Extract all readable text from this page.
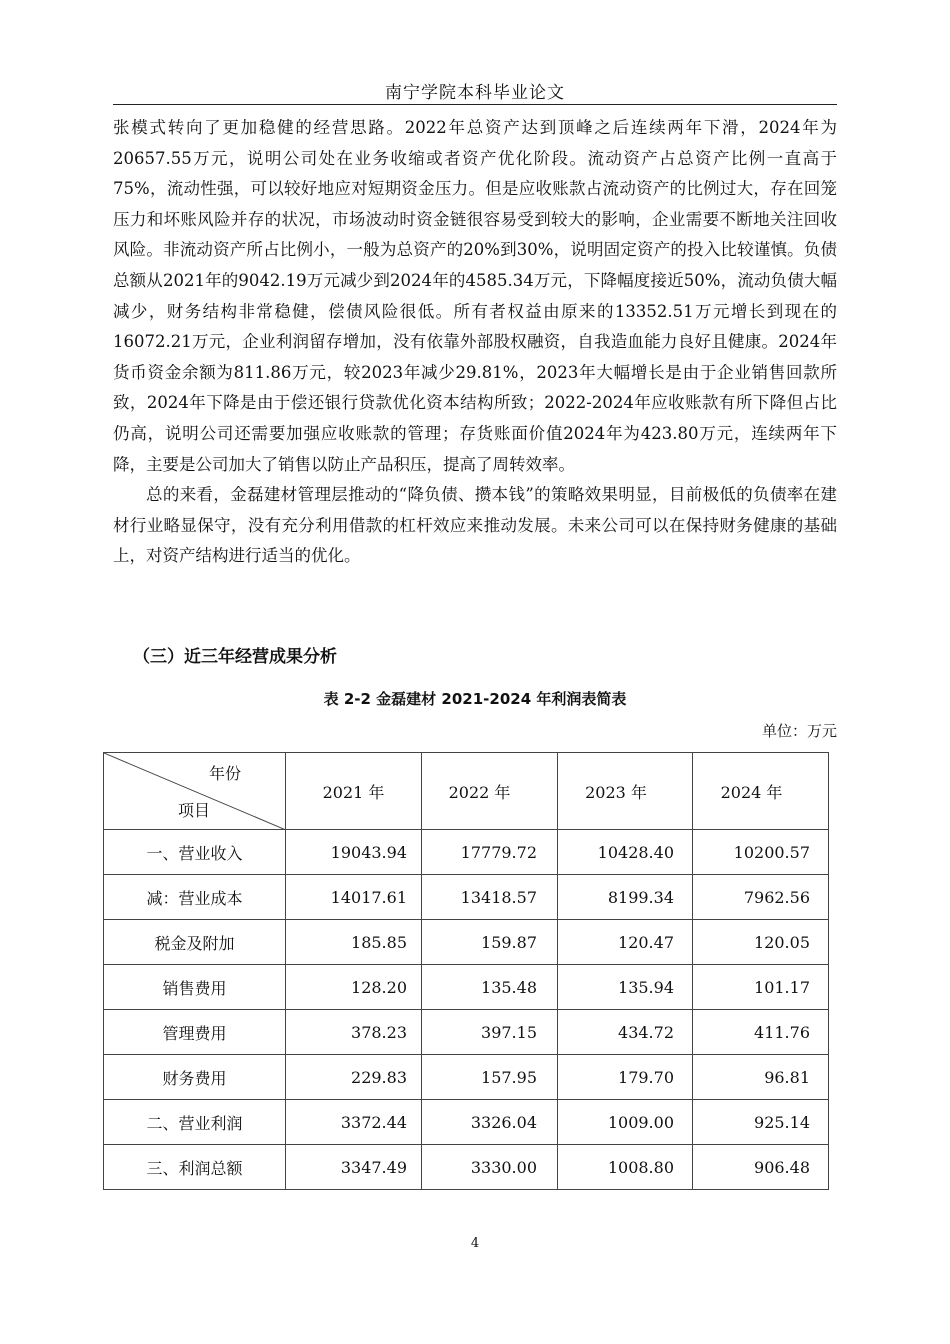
南宁学院本科毕业论文

张模式转向了更加稳健的经营思路。2022年总资产达到顶峰之后连续两年下滑，2024年为20657.55万元，说明公司处在业务收缩或者资产优化阶段。流动资产占总资产比例一直高于75%，流动性强，可以较好地应对短期资金压力。但是应收账款占流动资产的比例过大，存在回笼压力和坏账风险并存的状况，市场波动时资金链很容易受到较大的影响，企业需要不断地关注回收风险。非流动资产所占比例小，一般为总资产的20%到30%，说明固定资产的投入比较谨慎。负债总额从2021年的9042.19万元减少到2024年的4585.34万元，下降幅度接近50%，流动负债大幅减少，财务结构非常稳健，偿债风险很低。所有者权益由原来的13352.51万元增长到现在的16072.21万元，企业利润留存增加，没有依靠外部股权融资，自我造血能力良好且健康。2024年货币资金余额为811.86万元，较2023年减少29.81%，2023年大幅增长是由于企业销售回款所致，2024年下降是由于偿还银行贷款优化资本结构所致；2022-2024年应收账款有所下降但占比仍高，说明公司还需要加强应收账款的管理；存货账面价值2024年为423.80万元，连续两年下降，主要是公司加大了销售以防止产品积压，提高了周转效率。

总的来看，金磊建材管理层推动的“降负债、攒本钱”的策略效果明显，目前极低的负债率在建材行业略显保守，没有充分利用借款的杠杆效应来推动发展。未来公司可以在保持财务健康的基础上，对资产结构进行适当的优化。

（三）近三年经营成果分析
表 2-2 金磊建材 2021-2024 年利润表简表
单位：万元
年份
项目	2021 年	2022 年	2023 年	2024 年
一、营业收入	19043.94	17779.72	10428.40	10200.57
减：营业成本	14017.61	13418.57	8199.34	7962.56
税金及附加	185.85	159.87	120.47	120.05
销售费用	128.20	135.48	135.94	101.17
管理费用	378.23	397.15	434.72	411.76
财务费用	229.83	157.95	179.70	96.81
二、营业利润	3372.44	3326.04	1009.00	925.14
三、利润总额	3347.49	3330.00	1008.80	906.48
4
